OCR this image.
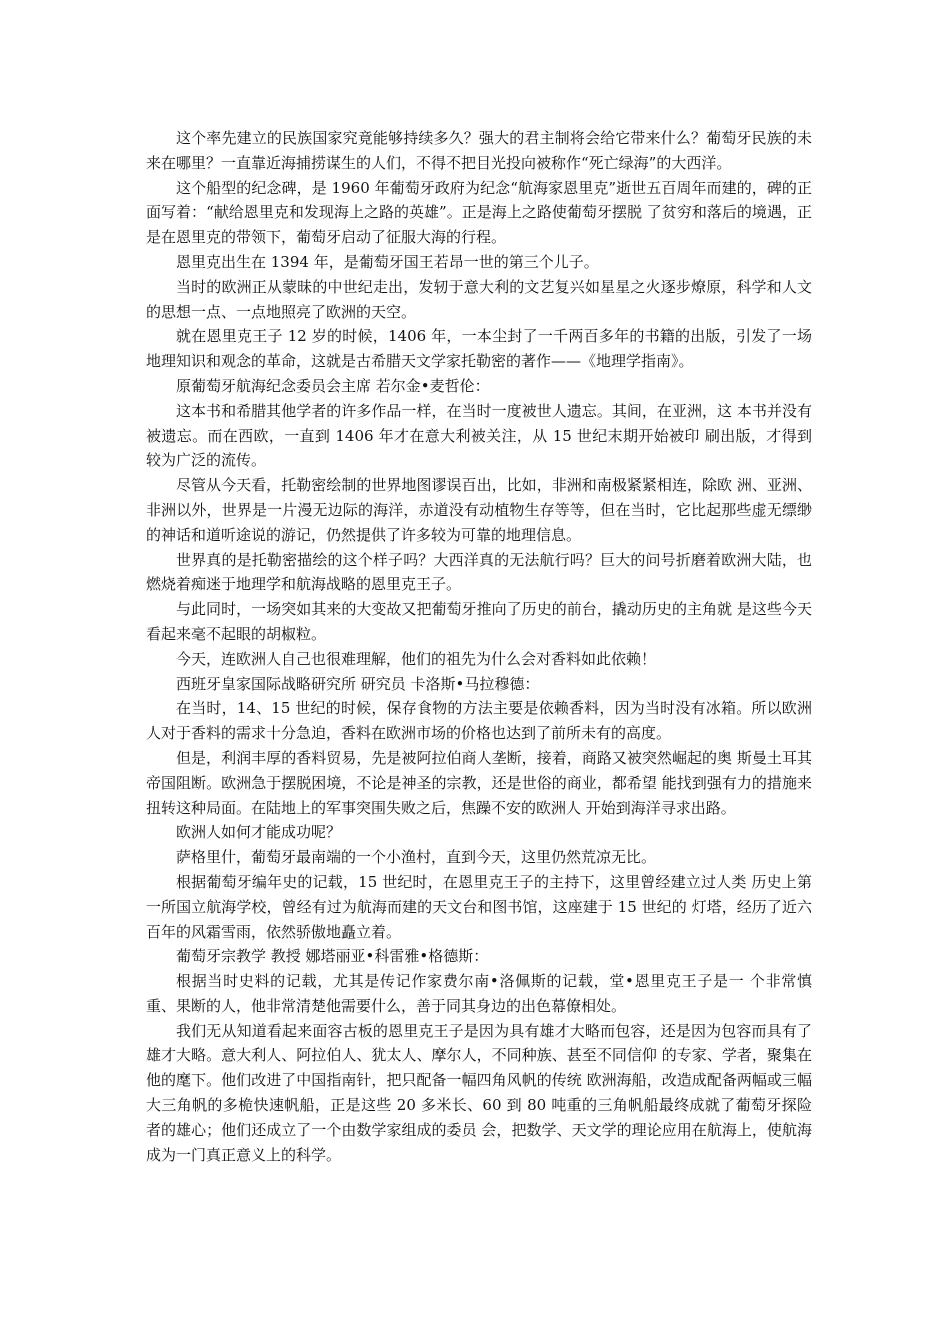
这个率先建立的民族国家究竟能够持续多久？强大的君主制将会给它带来什么？葡萄牙民族的未来在哪里？一直靠近海捕捞谋生的人们，不得不把目光投向被称作“死亡绿海”的大西洋。

这个船型的纪念碑，是 1960 年葡萄牙政府为纪念“航海家恩里克”逝世五百周年而建的，碑的正面写着：“献给恩里克和发现海上之路的英雄”。正是海上之路使葡萄牙摆脱 了贫穷和落后的境遇，正是在恩里克的带领下，葡萄牙启动了征服大海的行程。

恩里克出生在 1394 年，是葡萄牙国王若昂一世的第三个儿子。

当时的欧洲正从蒙昧的中世纪走出，发轫于意大利的文艺复兴如星星之火逐步燎原，科学和人文的思想一点、一点地照亮了欧洲的天空。

就在恩里克王子 12 岁的时候，1406 年，一本尘封了一千两百多年的书籍的出版，引发了一场地理知识和观念的革命，这就是古希腊天文学家托勒密的著作——《地理学指南》。

原葡萄牙航海纪念委员会主席 若尔金•麦哲伦：

这本书和希腊其他学者的许多作品一样，在当时一度被世人遗忘。其间，在亚洲，这 本书并没有被遗忘。而在西欧，一直到 1406 年才在意大利被关注，从 15 世纪末期开始被印 刷出版，才得到较为广泛的流传。

尽管从今天看，托勒密绘制的世界地图谬误百出，比如，非洲和南极紧紧相连，除欧 洲、亚洲、非洲以外，世界是一片漫无边际的海洋，赤道没有动植物生存等等，但在当时，它比起那些虚无缥缈的神话和道听途说的游记，仍然提供了许多较为可靠的地理信息。

世界真的是托勒密描绘的这个样子吗？大西洋真的无法航行吗？巨大的问号折磨着欧洲大陆，也燃烧着痴迷于地理学和航海战略的恩里克王子。

与此同时，一场突如其来的大变故又把葡萄牙推向了历史的前台，撬动历史的主角就 是这些今天看起来毫不起眼的胡椒粒。

今天，连欧洲人自己也很难理解，他们的祖先为什么会对香料如此依赖！

西班牙皇家国际战略研究所 研究员 卡洛斯•马拉穆德：

在当时，14、15 世纪的时候，保存食物的方法主要是依赖香料，因为当时没有冰箱。所以欧洲人对于香料的需求十分急迫，香料在欧洲市场的价格也达到了前所未有的高度。

但是，利润丰厚的香料贸易，先是被阿拉伯商人垄断，接着，商路又被突然崛起的奥 斯曼土耳其帝国阻断。欧洲急于摆脱困境，不论是神圣的宗教，还是世俗的商业，都希望 能找到强有力的措施来扭转这种局面。在陆地上的军事突围失败之后，焦躁不安的欧洲人 开始到海洋寻求出路。

欧洲人如何才能成功呢？

萨格里什，葡萄牙最南端的一个小渔村，直到今天，这里仍然荒凉无比。

根据葡萄牙编年史的记载，15 世纪时，在恩里克王子的主持下，这里曾经建立过人类 历史上第一所国立航海学校，曾经有过为航海而建的天文台和图书馆，这座建于 15 世纪的 灯塔，经历了近六百年的风霜雪雨，依然骄傲地矗立着。

葡萄牙宗教学 教授 娜塔丽亚•科雷雅•格德斯：

根据当时史料的记载，尤其是传记作家费尔南•洛佩斯的记载，堂•恩里克王子是一 个非常慎重、果断的人，他非常清楚他需要什么，善于同其身边的出色幕僚相处。

我们无从知道看起来面容古板的恩里克王子是因为具有雄才大略而包容，还是因为包容而具有了雄才大略。意大利人、阿拉伯人、犹太人、摩尔人，不同种族、甚至不同信仰 的专家、学者，聚集在他的麾下。他们改进了中国指南针，把只配备一幅四角风帆的传统 欧洲海船，改造成配备两幅或三幅大三角帆的多桅快速帆船，正是这些 20 多米长、60 到 80 吨重的三角帆船最终成就了葡萄牙探险者的雄心；他们还成立了一个由数学家组成的委员 会，把数学、天文学的理论应用在航海上，使航海成为一门真正意义上的科学。
